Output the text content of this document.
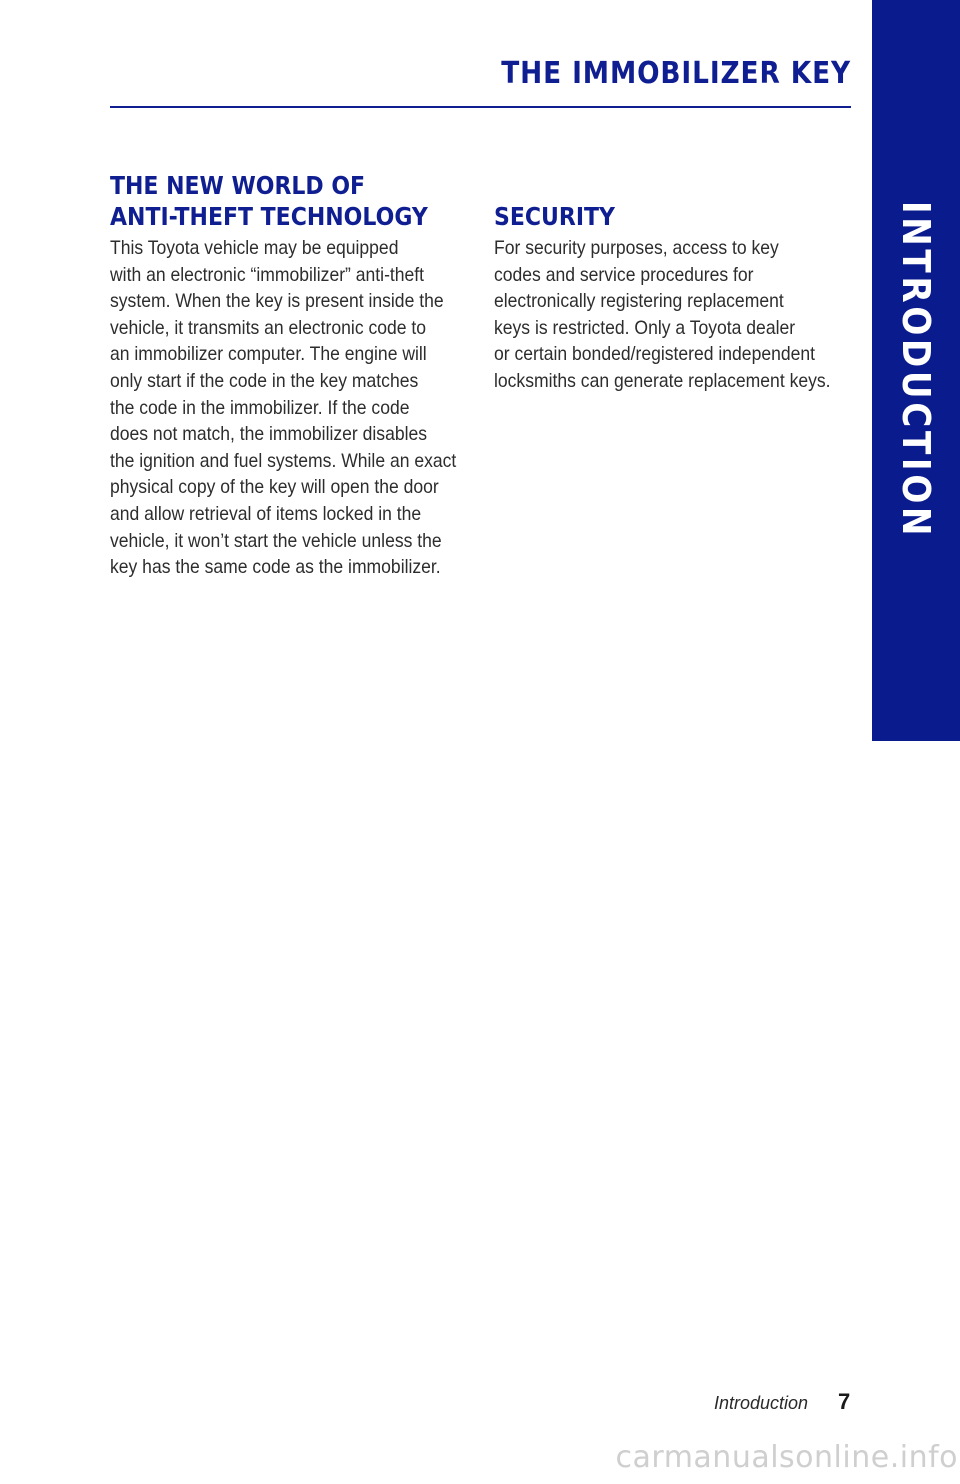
THE IMMOBILIZER KEY
INTRODUCTION
THE NEW WORLD OF
ANTI-THEFT TECHNOLOGY

This Toyota vehicle may be equipped
with an electronic “immobilizer” anti-theft
system. When the key is present inside the
vehicle, it transmits an electronic code to
an immobilizer computer. The engine will
only start if the code in the key matches
the code in the immobilizer. If the code
does not match, the immobilizer disables
the ignition and fuel systems. While an exact
physical copy of the key will open the door
and allow retrieval of items locked in the
vehicle, it won’t start the vehicle unless the
key has the same code as the immobilizer.

SECURITY

For security purposes, access to key
codes and service procedures for
electronically registering replacement
keys is restricted. Only a Toyota dealer
or certain bonded/registered independent
locksmiths can generate replacement keys.

Introduction 7
carmanualsonline.info
